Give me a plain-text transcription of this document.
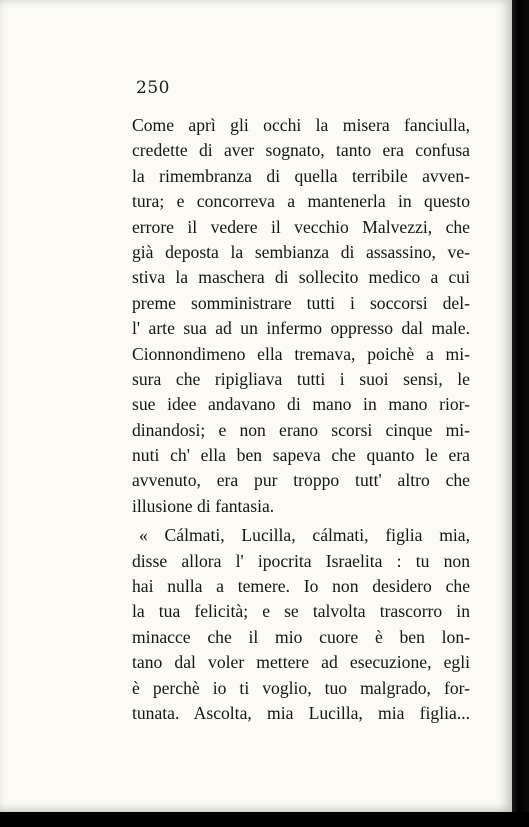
250
Come aprì gli occhi la misera fanciulla,
credette di aver sognato, tanto era confusa
la rimembranza di quella terribile avven-
tura; e concorreva a mantenerla in questo
errore il vedere il vecchio Malvezzi, che
già deposta la sembianza di assassino, ve-
stiva la maschera di sollecito medico a cui
preme somministrare tutti i soccorsi del-
l' arte sua ad un infermo oppresso dal male.
Cionnondimeno ella tremava, poichè a mi-
sura che ripigliava tutti i suoi sensi, le
sue idee andavano di mano in mano rior-
dinandosi; e non erano scorsi cinque mi-
nuti ch' ella ben sapeva che quanto le era
avvenuto, era pur troppo tutt' altro che
illusione di fantasia.
« Cálmati, Lucilla, cálmati, figlia mia,
disse allora l' ipocrita Israelita : tu non
hai nulla a temere. Io non desidero che
la tua felicità; e se talvolta trascorro in
minacce che il mio cuore è ben lon-
tano dal voler mettere ad esecuzione, egli
è perchè io ti voglio, tuo malgrado, for-
tunata. Ascolta, mia Lucilla, mia figlia...
